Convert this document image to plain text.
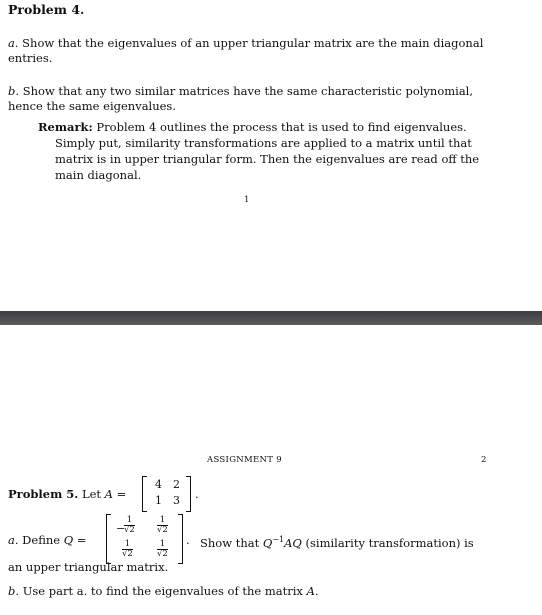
Problem 4.
a. Show that the eigenvalues of an upper triangular matrix are the main diagonal
entries.
b. Show that any two similar matrices have the same characteristic polynomial,
hence the same eigenvalues.
Remark: Problem 4 outlines the process that is used to find eigenvalues.
Simply put, similarity transformations are applied to a matrix until that
matrix is in upper triangular form. Then the eigenvalues are read off the
main diagonal.
1
ASSIGNMENT 9	2
Problem 5. Let A =
4 2
1 3 .
a. Define Q =
−
$\frac{1}{√2}$	$\frac{1}{√2}$
$\frac{1}{√2}$	$\frac{1}{√2}$ . Show that $Q^{-1}AQ$ (similarity transformation) is
an upper triangular matrix.
b. Use part a. to find the eigenvalues of the matrix A.
